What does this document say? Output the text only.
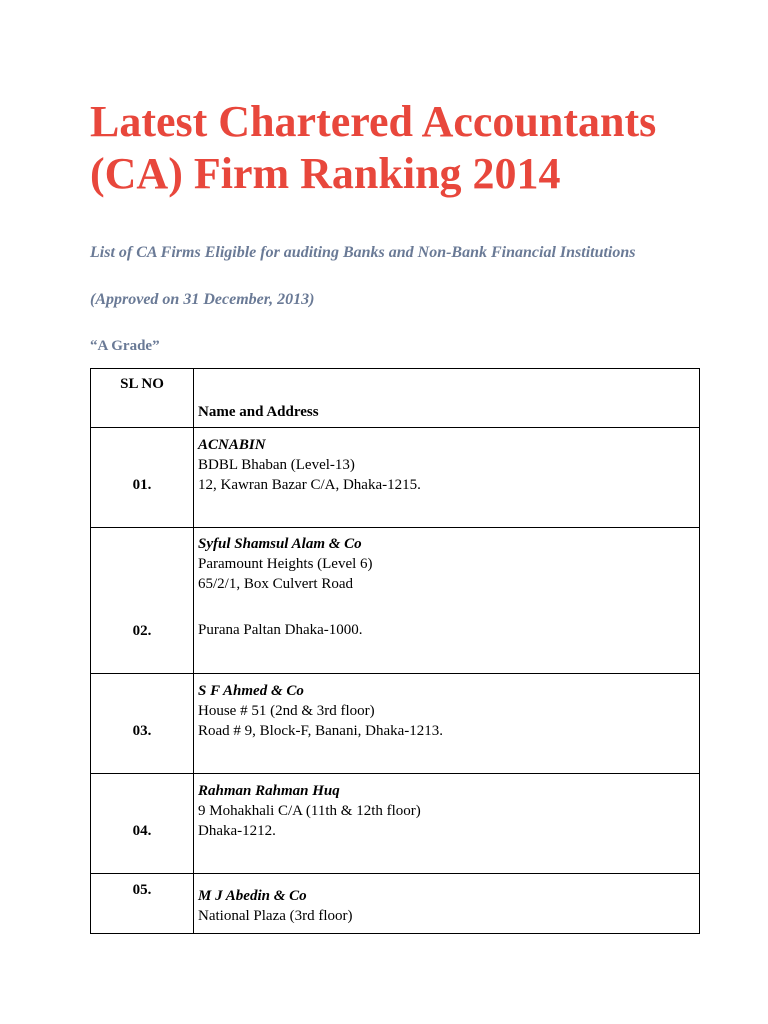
Latest Chartered Accountants
(CA) Firm Ranking 2014

List of CA Firms Eligible for auditing Banks and Non-Bank Financial Institutions

(Approved on 31 December, 2013)

“A Grade”

SL NO	Name and Address

01.	ACNABIN
BDBL Bhaban (Level-13)
12, Kawran Bazar C/A, Dhaka-1215.

02.	Syful Shamsul Alam & Co
Paramount Heights (Level 6)
65/2/1, Box Culvert Road
Purana Paltan Dhaka-1000.

03.	S F Ahmed & Co
House # 51 (2nd & 3rd floor)
Road # 9, Block-F, Banani, Dhaka-1213.

04.	Rahman Rahman Huq
9 Mohakhali C/A (11th & 12th floor)
Dhaka-1212.

05.	M J Abedin & Co
National Plaza (3rd floor)
